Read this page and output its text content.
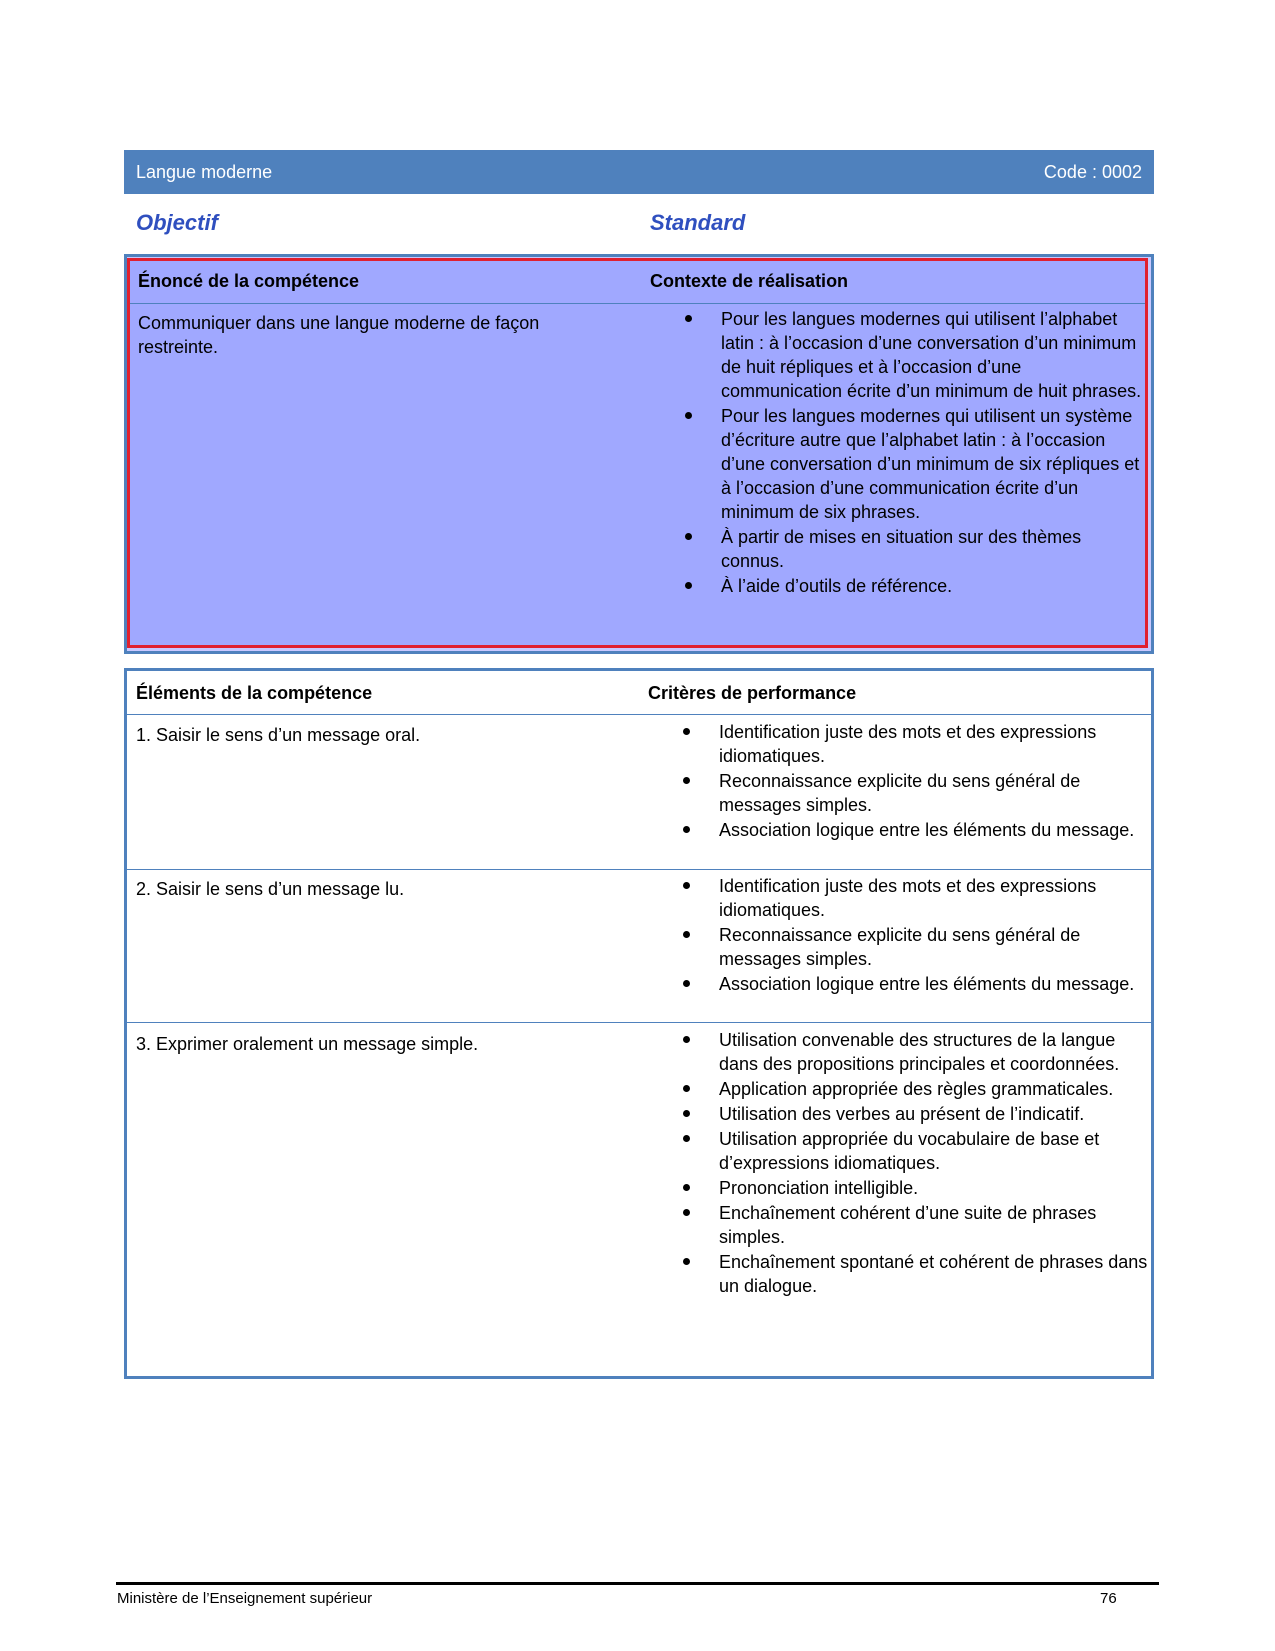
Langue moderne	Code : 0002
Objectif	Standard
Énoncé de la compétence	Contexte de réalisation
Communiquer dans une langue moderne de façon restreinte.
Pour les langues modernes qui utilisent l’alphabet latin : à l’occasion d’une conversation d’un minimum de huit répliques et à l’occasion d’une communication écrite d’un minimum de huit phrases.
Pour les langues modernes qui utilisent un système d’écriture autre que l’alphabet latin : à l’occasion d’une conversation d’un minimum de six répliques et à l’occasion d’une communication écrite d’un minimum de six phrases.
À partir de mises en situation sur des thèmes connus.
À l’aide d’outils de référence.
Éléments de la compétence	Critères de performance
1. Saisir le sens d’un message oral.	Identification juste des mots et des expressions idiomatiques.
Reconnaissance explicite du sens général de messages simples.
Association logique entre les éléments du message.
2. Saisir le sens d’un message lu.	Identification juste des mots et des expressions idiomatiques.
Reconnaissance explicite du sens général de messages simples.
Association logique entre les éléments du message.
3. Exprimer oralement un message simple.	Utilisation convenable des structures de la langue dans des propositions principales et coordonnées.
Application appropriée des règles grammaticales.
Utilisation des verbes au présent de l’indicatif.
Utilisation appropriée du vocabulaire de base et d’expressions idiomatiques.
Prononciation intelligible.
Enchaînement cohérent d’une suite de phrases simples.
Enchaînement spontané et cohérent de phrases dans un dialogue.
Ministère de l’Enseignement supérieur	76
